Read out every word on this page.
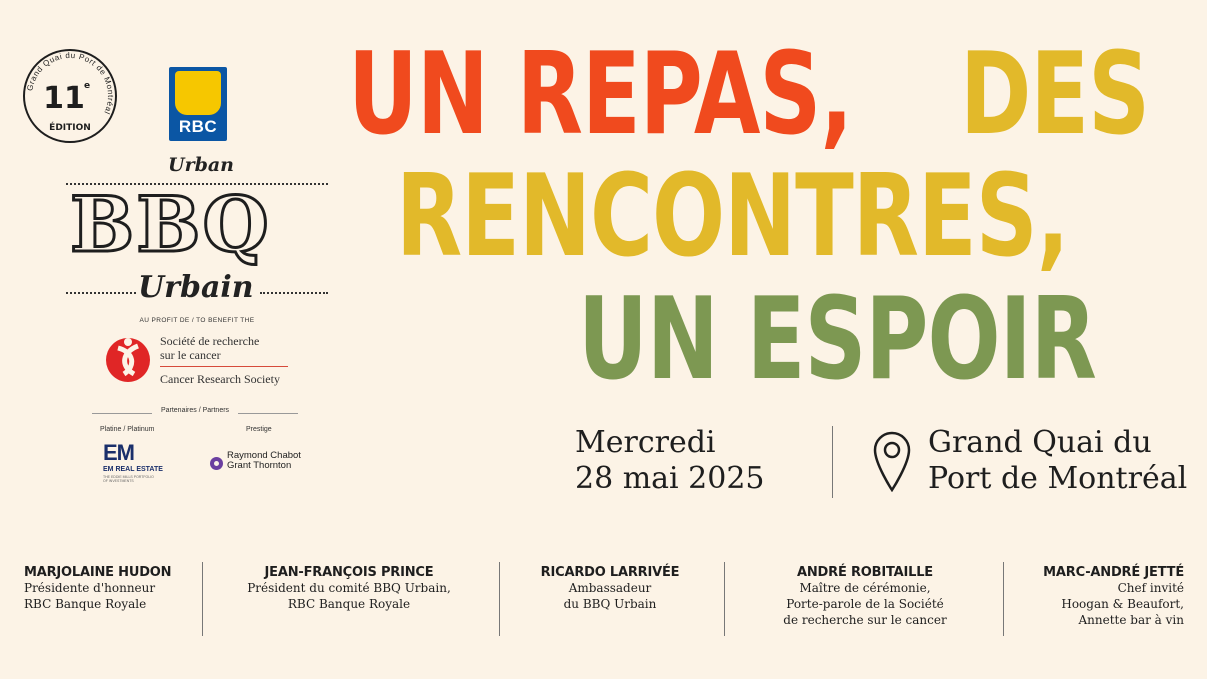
Grand Quai du Port de Montréal
11 e
ÉDITION	RBC
Urban
BBQ
Urbain
AU PROFIT DE / TO BENEFIT THE
Société de recherche
sur le cancer
Cancer Research Society
Partenaires / Partners
Platine / Platinum	Prestige
EM
EM REAL ESTATE
THE EDDIE MILLS PORTFOLIO OF INVESTMENTS
Raymond Chabot
Grant Thornton
UN REPAS, DES
RENCONTRES,
UN ESPOIR
Mercredi
28 mai 2025
Grand Quai du
Port de Montréal
MARJOLAINE HUDON
Présidente d'honneur
RBC Banque Royale
JEAN-FRANÇOIS PRINCE
Président du comité BBQ Urbain,
RBC Banque Royale
RICARDO LARRIVÉE
Ambassadeur
du BBQ Urbain
ANDRÉ ROBITAILLE
Maître de cérémonie,
Porte-parole de la Société
de recherche sur le cancer
MARC-ANDRÉ JETTÉ
Chef invité
Hoogan & Beaufort,
Annette bar à vin
